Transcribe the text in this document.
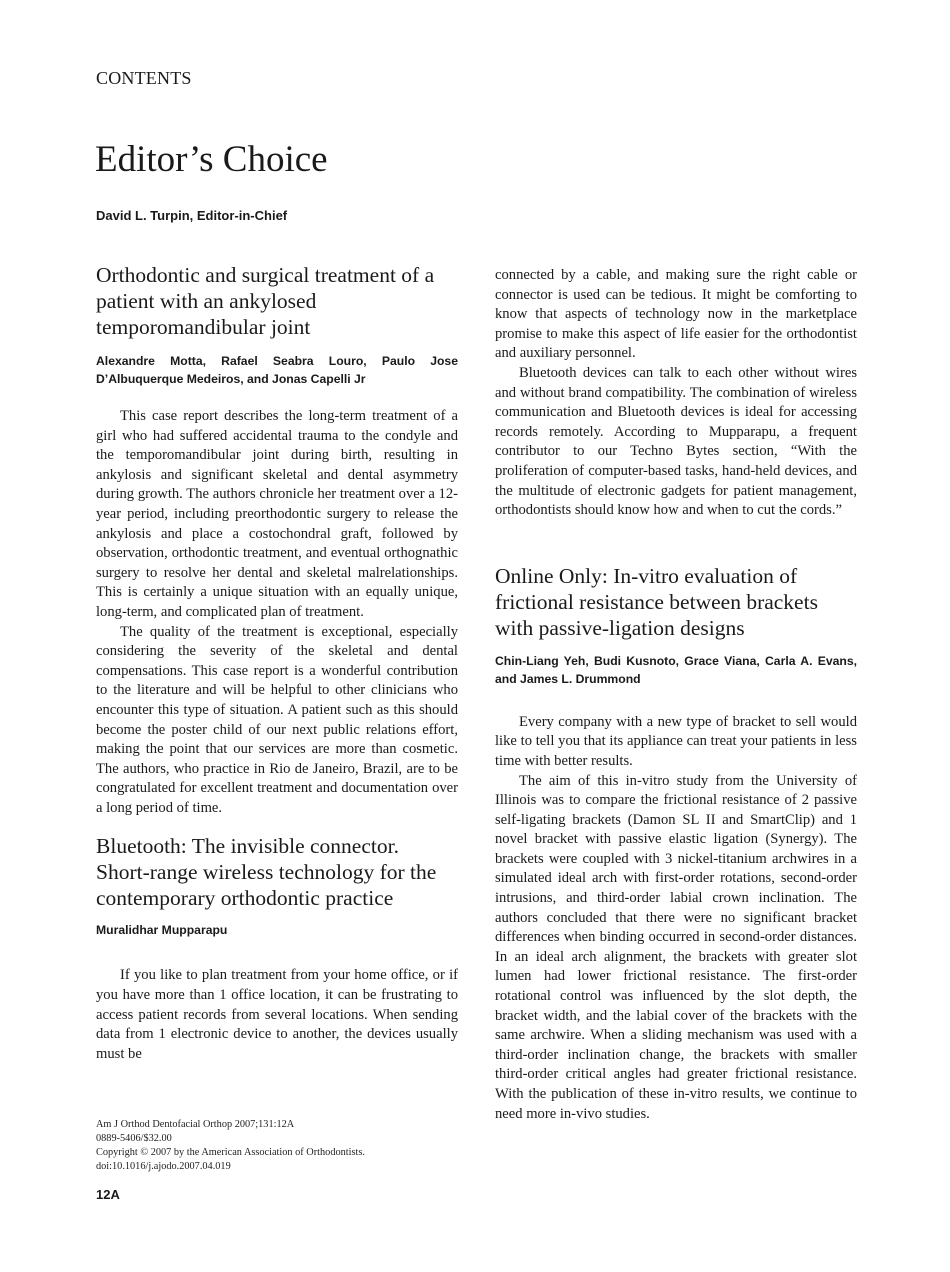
CONTENTS
Editor’s Choice
David L. Turpin, Editor-in-Chief
Orthodontic and surgical treatment of a patient with an ankylosed temporomandibular joint

Alexandre Motta, Rafael Seabra Louro, Paulo Jose D’Albuquerque Medeiros, and Jonas Capelli Jr

This case report describes the long-term treatment of a girl who had suffered accidental trauma to the condyle and the temporomandibular joint during birth, resulting in ankylosis and significant skeletal and dental asymmetry during growth. The authors chronicle her treatment over a 12-year period, including preorthodontic surgery to release the ankylosis and place a costochondral graft, followed by observation, orthodontic treatment, and eventual orthognathic surgery to resolve her dental and skeletal malrelationships. This is certainly a unique situation with an equally unique, long-term, and complicated plan of treatment.

The quality of the treatment is exceptional, especially considering the severity of the skeletal and dental compensations. This case report is a wonderful contribution to the literature and will be helpful to other clinicians who encounter this type of situation. A patient such as this should become the poster child of our next public relations effort, making the point that our services are more than cosmetic. The authors, who practice in Rio de Janeiro, Brazil, are to be congratulated for excellent treatment and documentation over a long period of time.

Bluetooth: The invisible connector. Short-range wireless technology for the contemporary orthodontic practice

Muralidhar Mupparapu

If you like to plan treatment from your home office, or if you have more than 1 office location, it can be frustrating to access patient records from several locations. When sending data from 1 electronic device to another, the devices usually must be

connected by a cable, and making sure the right cable or connector is used can be tedious. It might be comforting to know that aspects of technology now in the marketplace promise to make this aspect of life easier for the orthodontist and auxiliary personnel.

Bluetooth devices can talk to each other without wires and without brand compatibility. The combination of wireless communication and Bluetooth devices is ideal for accessing records remotely. According to Mupparapu, a frequent contributor to our Techno Bytes section, “With the proliferation of computer-based tasks, hand-held devices, and the multitude of electronic gadgets for patient management, orthodontists should know how and when to cut the cords.”

Online Only: In-vitro evaluation of frictional resistance between brackets with passive-ligation designs

Chin-Liang Yeh, Budi Kusnoto, Grace Viana, Carla A. Evans, and James L. Drummond

Every company with a new type of bracket to sell would like to tell you that its appliance can treat your patients in less time with better results.

The aim of this in-vitro study from the University of Illinois was to compare the frictional resistance of 2 passive self-ligating brackets (Damon SL II and SmartClip) and 1 novel bracket with passive elastic ligation (Synergy). The brackets were coupled with 3 nickel-titanium archwires in a simulated ideal arch with first-order rotations, second-order intrusions, and third-order labial crown inclination. The authors concluded that there were no significant bracket differences when binding occurred in second-order distances. In an ideal arch alignment, the brackets with greater slot lumen had lower frictional resistance. The first-order rotational control was influenced by the slot depth, the bracket width, and the labial cover of the brackets with the same archwire. When a sliding mechanism was used with a third-order inclination change, the brackets with smaller third-order critical angles had greater frictional resistance. With the publication of these in-vitro results, we continue to need more in-vivo studies.

Am J Orthod Dentofacial Orthop 2007;131:12A
0889-5406/$32.00
Copyright © 2007 by the American Association of Orthodontists.
doi:10.1016/j.ajodo.2007.04.019
12A
